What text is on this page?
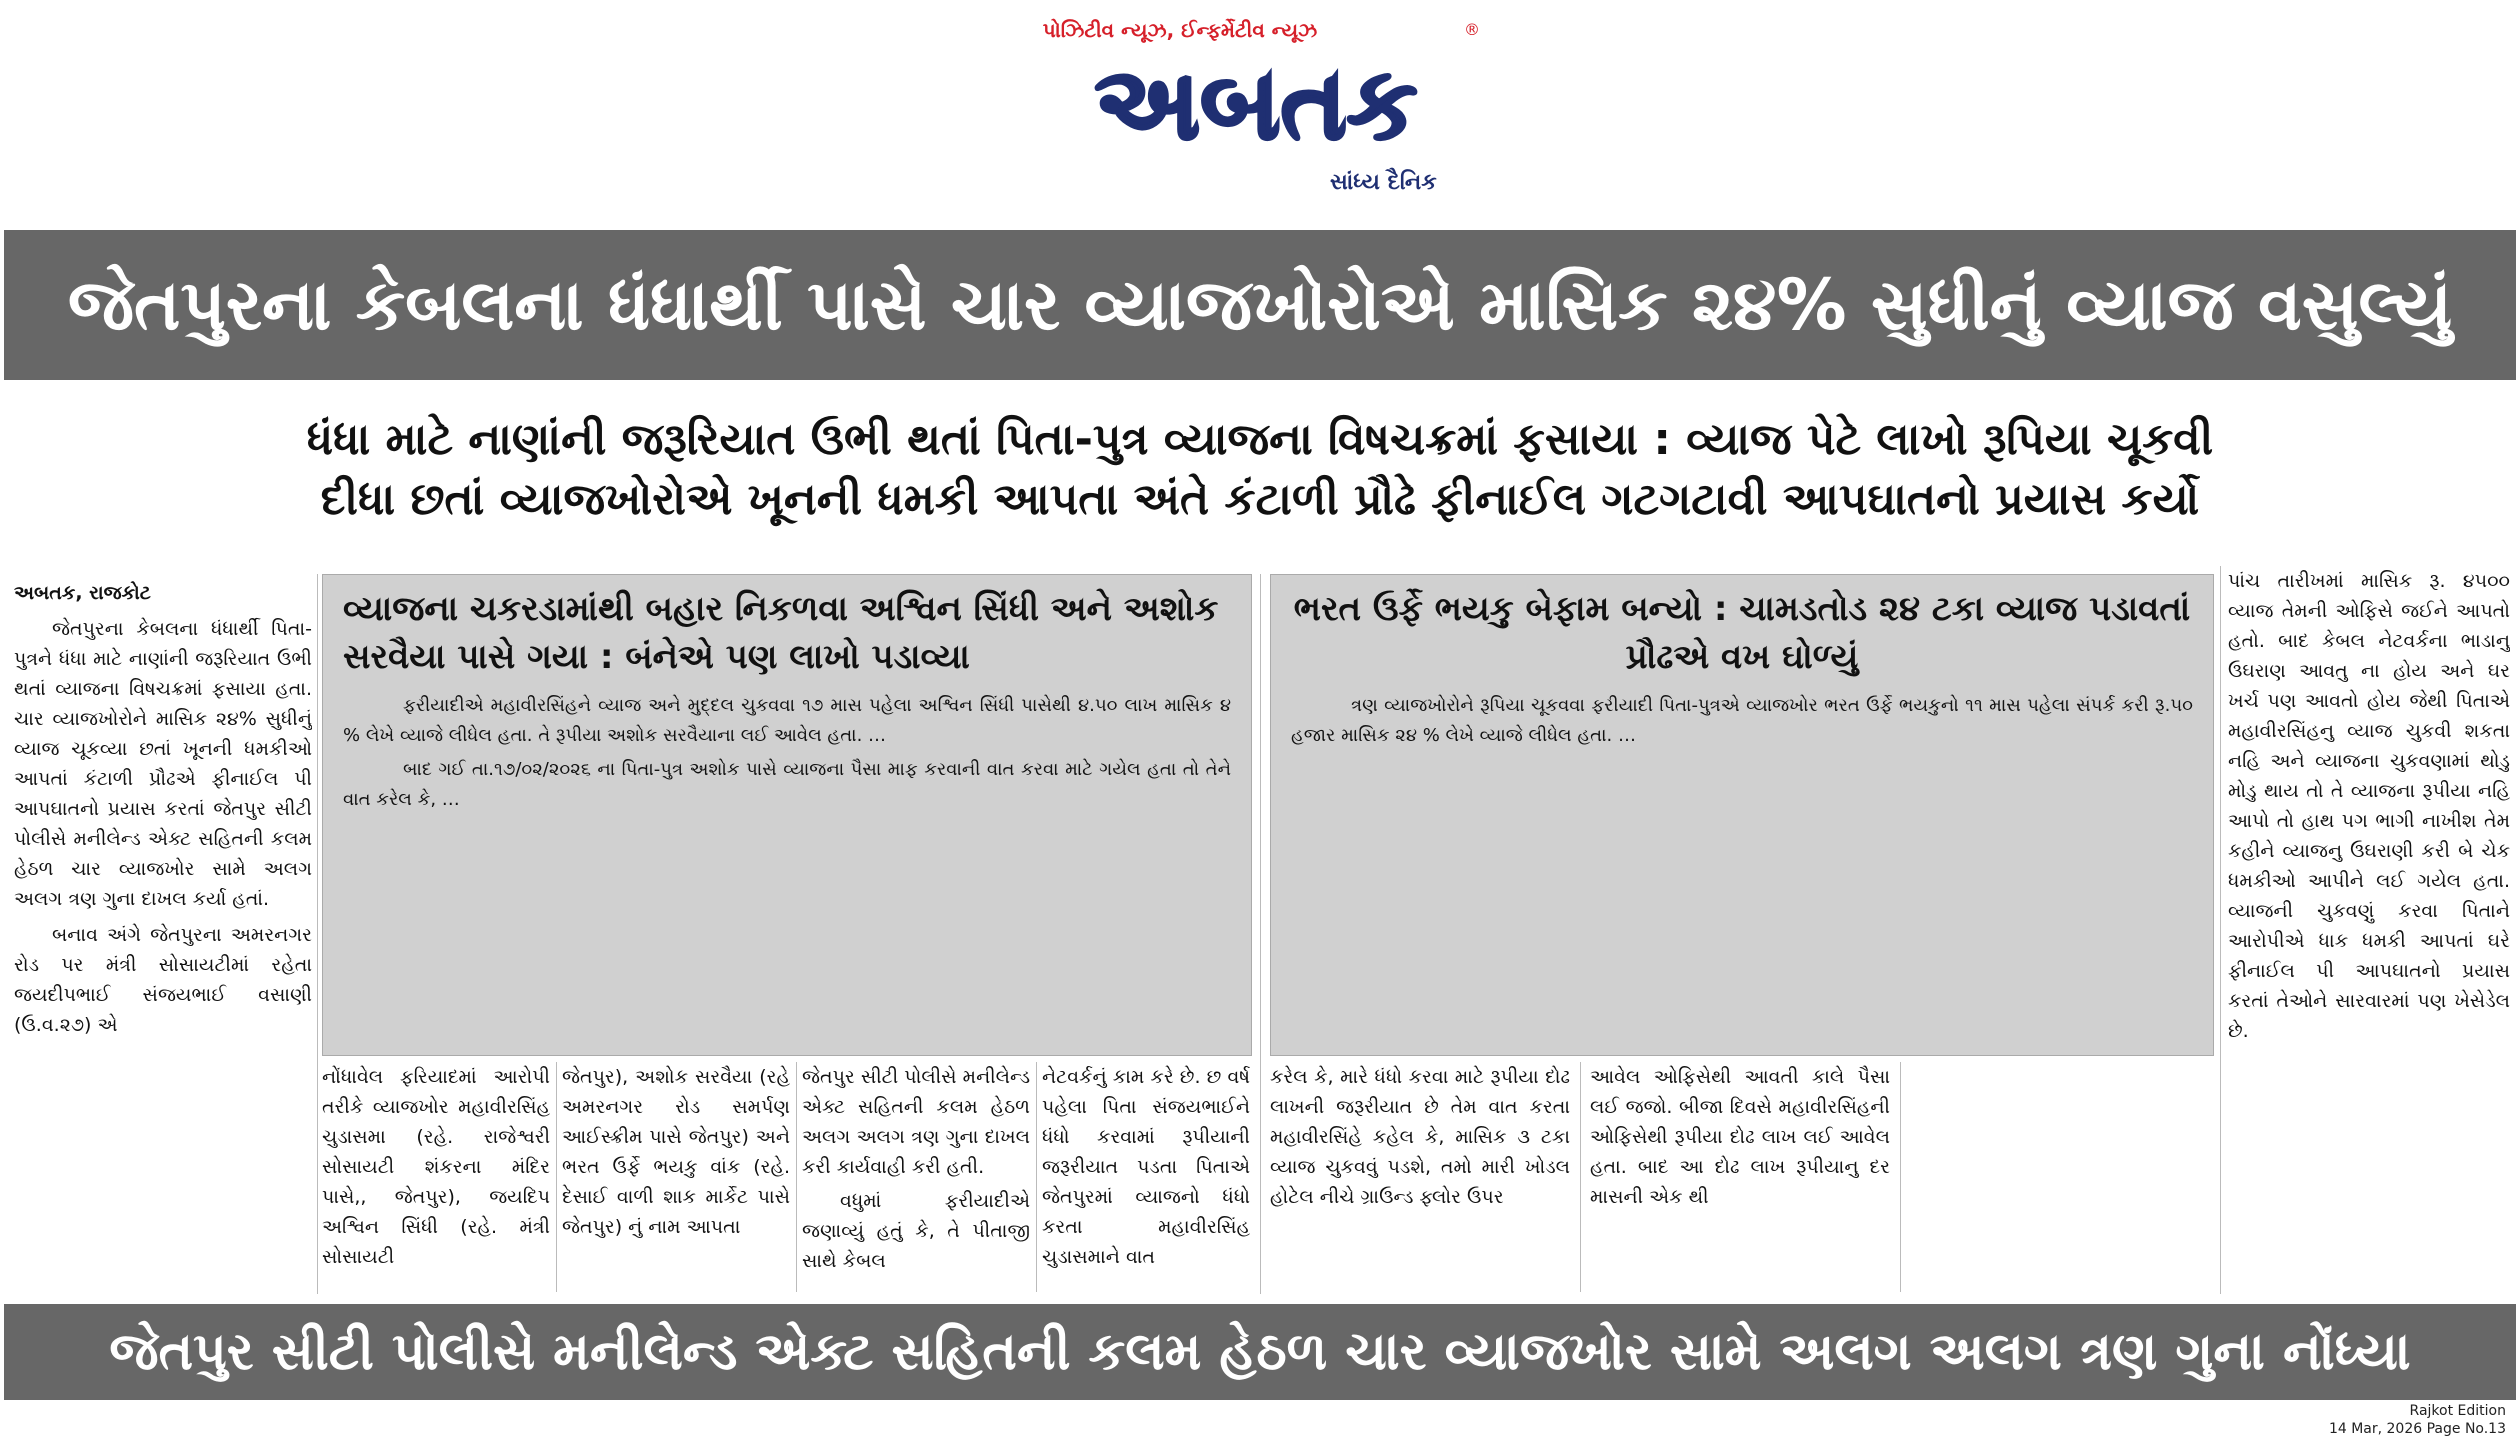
પોઝિટીવ ન્યૂઝ, ઈન્ફર્મેટીવ ન્યૂઝ	®
અબતક
સાંધ્ય દૈનિક
જેતપુરના કેબલના ધંધાર્થી પાસે ચાર વ્યાજખોરોએ માસિક ૨૪% સુધીનું વ્યાજ વસુલ્યું
ધંધા માટે નાણાંની જરૂરિયાત ઉભી થતાં પિતા-પુત્ર વ્યાજના વિષચક્રમાં ફસાયા : વ્યાજ પેટે લાખો રૂપિયા ચૂકવી
દીધા છતાં વ્યાજખોરોએ ખૂનની ધમકી આપતા અંતે કંટાળી પ્રૌઢે ફીનાઈલ ગટગટાવી આપઘાતનો પ્રયાસ કર્યો

અબતક, રાજકોટ

જેતપુરના કેબલના ધંધાર્થી પિતા-પુત્રને ધંધા માટે નાણાંની જરૂરિયાત ઉભી થતાં વ્યાજના વિષચક્રમાં ફસાયા હતા. ચાર વ્યાજખોરોને માસિક ૨૪% સુધીનું વ્યાજ ચૂકવ્યા છતાં ખૂનની ધમકીઓ આપતાં કંટાળી પ્રૌઢએ ફીનાઈલ પી આપઘાતનો પ્રયાસ કરતાં જેતપુર સીટી પોલીસે મનીલેન્ડ એક્ટ સહિતની કલમ હેઠળ ચાર વ્યાજખોર સામે અલગ અલગ ત્રણ ગુના દાખલ કર્યા હતાં.

બનાવ અંગે જેતપુરના અમરનગર રોડ પર મંત્રી સોસાયટીમાં રહેતા જયદીપભાઈ સંજયભાઈ વસાણી (ઉ.વ.૨૭) એ

વ્યાજના ચકરડામાંથી બહાર નિકળવા અશ્વિન સિંધી અને અશોક સરવૈયા પાસે ગયા : બંનેએ પણ લાખો પડાવ્યા

ફરીયાદીએ મહાવીરસિંહને વ્યાજ અને મુદ્દલ ચુકવવા ૧૭ માસ પહેલા અશ્વિન સિંધી પાસેથી ૪.૫૦ લાખ માસિક ૪ % લેખે વ્યાજે લીધેલ હતા. તે રૂપીયા અશોક સરવૈયાના લઈ આવેલ હતા. …

બાદ ગઈ તા.૧૭/૦૨/૨૦૨૬ ના પિતા-પુત્ર અશોક પાસે વ્યાજના પૈસા માફ કરવાની વાત કરવા માટે ગયેલ હતા તો તેને વાત કરેલ કે, …

ભરત ઉર્ફે ભયકુ બેફામ બન્યો : ચામડતોડ ૨૪ ટકા વ્યાજ પડાવતાં પ્રૌઢએ વખ ઘોળ્યું

ત્રણ વ્યાજખોરોને રૂપિયા ચૂકવવા ફરીયાદી પિતા-પુત્રએ વ્યાજખોર ભરત ઉર્ફે ભયકુનો ૧૧ માસ પહેલા સંપર્ક કરી રૂ.૫૦ હજાર માસિક ૨૪ % લેખે વ્યાજે લીધેલ હતા. …

નોંધાવેલ ફરિયાદમાં આરોપી તરીકે વ્યાજખોર મહાવીરસિંહ ચુડાસમા (રહે. રાજેશ્વરી સોસાયટી શંકરના મંદિર પાસે,, જેતપુર), જયદિપ અશ્વિન સિંધી (રહે. મંત્રી સોસાયટી

જેતપુર), અશોક સરવૈયા (રહે અમરનગર રોડ સમર્પણ આઈસ્ક્રીમ પાસે જેતપુર) અને ભરત ઉર્ફે ભયકુ વાંક (રહે. દેસાઈ વાળી શાક માર્કેટ પાસે જેતપુર) નું નામ આપતા

જેતપુર સીટી પોલીસે મનીલેન્ડ એક્ટ સહિતની કલમ હેઠળ અલગ અલગ ત્રણ ગુના દાખલ કરી કાર્યવાહી કરી હતી.

વધુમાં ફરીયાદીએ જણાવ્યું હતું કે, તે પીતાજી સાથે કેબલ

નેટવર્કનું કામ કરે છે. છ વર્ષ પહેલા પિતા સંજયભાઈને ધંધો કરવામાં રૂપીયાની જરૂરીયાત પડતા પિતાએ જેતપુરમાં વ્યાજનો ધંધો કરતા મહાવીરસિંહ ચુડાસમાને વાત

કરેલ કે, મારે ધંધો કરવા માટે રૂપીયા દોઢ લાખની જરૂરીયાત છે તેમ વાત કરતા મહાવીરસિંહે કહેલ કે, માસિક ૩ ટકા વ્યાજ ચુકવવું પડશે, તમો મારી ખોડલ હોટેલ નીચે ગ્રાઉન્ડ ફ્લોર ઉપર

આવેલ ઓફિસેથી આવતી કાલે પૈસા લઈ જજો. બીજા દિવસે મહાવીરસિંહની ઓફિસેથી રૂપીયા દોઢ લાખ લઈ આવેલ હતા. બાદ આ દોઢ લાખ રૂપીયાનુ દર માસની એક થી

પાંચ તારીખમાં માસિક રૂ. ૪૫૦૦ વ્યાજ તેમની ઓફિસે જઈને આપતો હતો. બાદ કેબલ નેટવર્કના ભાડાનુ ઉઘરાણ આવતુ ના હોય અને ઘર ખર્ચ પણ આવતો હોય જેથી પિતાએ મહાવીરસિંહનુ વ્યાજ ચુકવી શકતા નહિ અને વ્યાજના ચુકવણામાં થોડુ મોડુ થાય તો તે વ્યાજના રૂપીયા નહિ આપો તો હાથ પગ ભાગી નાખીશ તેમ કહીને વ્યાજનુ ઉઘરાણી કરી બે ચેક ધમકીઓ આપીને લઈ ગયેલ હતા. વ્યાજની ચુકવણું કરવા પિતાને આરોપીએ ધાક ધમકી આપતાં ઘરે ફીનાઈલ પી આપઘાતનો પ્રયાસ કરતાં તેઓને સારવારમાં પણ ખેસેડેલ છે.

જેતપુર સીટી પોલીસે મનીલેન્ડ એક્ટ સહિતની કલમ હેઠળ ચાર વ્યાજખોર સામે અલગ અલગ ત્રણ ગુના નોંધ્યા
Rajkot Edition
14 Mar, 2026 Page No.13
